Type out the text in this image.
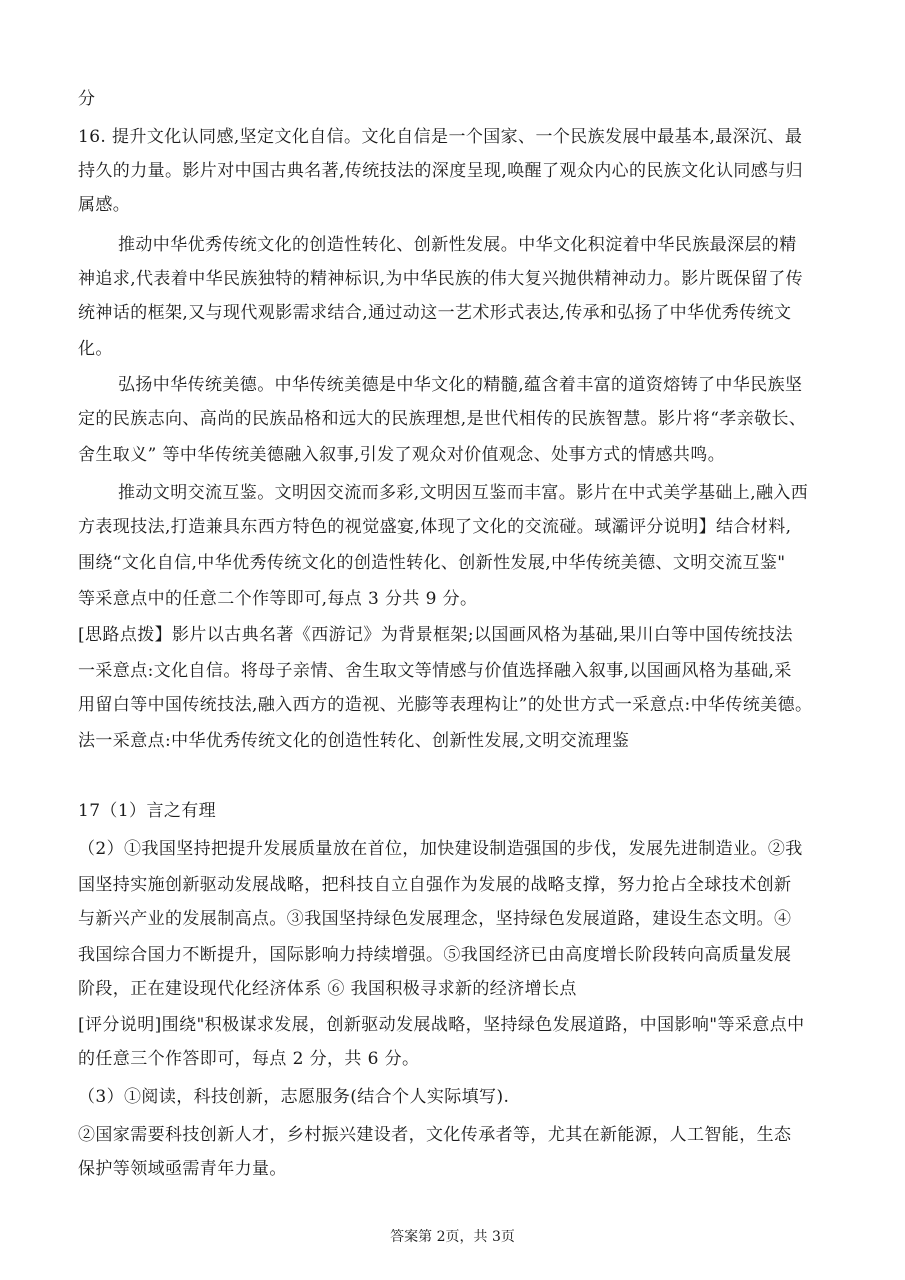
分
16. 提升文化认同感,坚定文化自信。文化自信是一个国家、一个民族发展中最基本,最深沉、最
持久的力量。影片对中国古典名著,传统技法的深度呈现,唤醒了观众内心的民族文化认同感与归
属感。
推动中华优秀传统文化的创造性转化、创新性发展。中华文化积淀着中华民族最深层的精
神追求,代表着中华民族独特的精神标识,为中华民族的伟大复兴抛供精神动力。影片既保留了传
统神话的框架,又与现代观影需求结合,通过动这一艺术形式表达,传承和弘扬了中华优秀传统文
化。
弘扬中华传统美德。中华传统美德是中华文化的精髓,蕴含着丰富的道资熔铸了中华民族坚
定的民族志向、高尚的民族品格和远大的民族理想,是世代相传的民族智慧。影片将“孝亲敬长、
舍生取义” 等中华传统美德融入叙事,引发了观众对价值观念、处事方式的情感共鸣。
推动文明交流互鉴。文明因交流而多彩,文明因互鉴而丰富。影片在中式美学基础上,融入西
方表现技法,打造兼具东西方特色的视觉盛宴,体现了文化的交流碰。琙灞评分说明】结合材料,
围绕“文化自信,中华优秀传统文化的创造性转化、创新性发展,中华传统美德、文明交流互鉴"
等采意点中的任意二个作等即可,每点 3 分共 9 分。
[思路点拨】影片以古典名著《西游记》为背景框架;以国画风格为基础,果川白等中国传统技法
一采意点:文化自信。将母子亲情、舍生取文等情感与价值选择融入叙事,以国画风格为基础,采
用留白等中国传统技法,融入西方的造视、光膨等表理构让”的处世方式一采意点:中华传统美德。
法一采意点:中华优秀传统文化的创造性转化、创新性发展,文明交流理鉴
17（1）言之有理
（2）①我国坚持把提升发展质量放在首位，加快建设制造强国的步伐，发展先进制造业。②我
国坚持实施创新驱动发展战略，把科技自立自强作为发展的战略支撑，努力抢占全球技术创新
与新兴产业的发展制高点。③我国坚持绿色发展理念，坚持绿色发展道路，建设生态文明。④
我国综合国力不断提升，国际影响力持续增强。⑤我国经济已由高度增长阶段转向高质量发展
阶段，正在建设现代化经济体系 ⑥ 我国积极寻求新的经济增长点
[评分说明]围绕"积极谋求发展，创新驱动发展战略，坚持绿色发展道路，中国影响"等采意点中
的任意三个作答即可，每点 2 分，共 6 分。
（3）①阅读，科技创新，志愿服务(结合个人实际填写).
②国家需要科技创新人才，乡村振兴建设者，文化传承者等，尤其在新能源，人工智能，生态
保护等领域亟需青年力量。
答案第 2页，共 3页
